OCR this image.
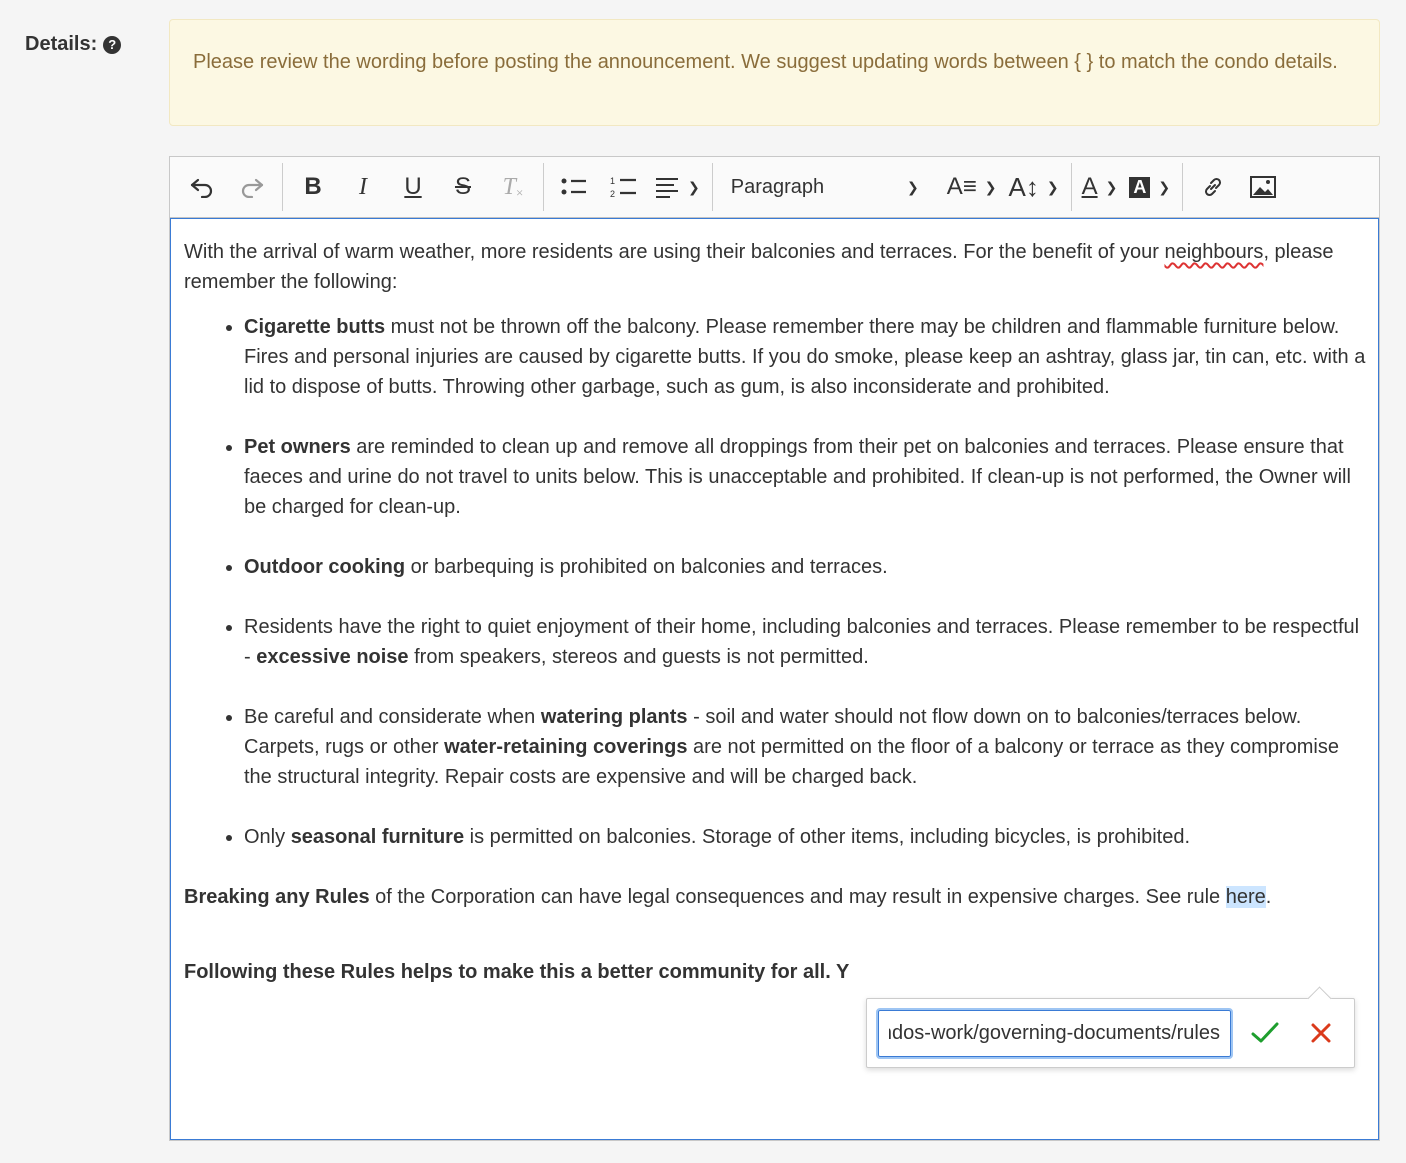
Details: ?
Please review the wording before posting the announcement. We suggest updating words between { } to match the condo details.
B I U S T ×
1
2	❯ Paragraph	❯ A≡ ❯ A↕ ❯ A ❯ A ❯

With the arrival of warm weather, more residents are using their balconies and terraces. For the benefit of your neighbours, please remember the following:

• Cigarette butts must not be thrown off the balcony. Please remember there may be children and flammable furniture below. Fires and personal injuries are caused by cigarette butts. If you do smoke, please keep an ashtray, glass jar, tin can, etc. with a lid to dispose of butts. Throwing other garbage, such as gum, is also inconsiderate and prohibited.
• Pet owners are reminded to clean up and remove all droppings from their pet on balconies and terraces. Please ensure that faeces and urine do not travel to units below. This is unacceptable and prohibited. If clean-up is not performed, the Owner will be charged for clean-up.
• Outdoor cooking or barbequing is prohibited on balconies and terraces.
• Residents have the right to quiet enjoyment of their home, including balconies and terraces. Please remember to be respectful - excessive noise from speakers, stereos and guests is not permitted.
• Be careful and considerate when watering plants - soil and water should not flow down on to balconies/terraces below.
Carpets, rugs or other water-retaining coverings are not permitted on the floor of a balcony or terrace as they compromise the structural integrity. Repair costs are expensive and will be charged back.
• Only seasonal furniture is permitted on balconies. Storage of other items, including bicycles, is prohibited.

Breaking any Rules of the Corporation can have legal consequences and may result in expensive charges. See rule here.

Following these Rules helps to make this a better community for all. Y

https://condos-work/governing-documents/rules/
